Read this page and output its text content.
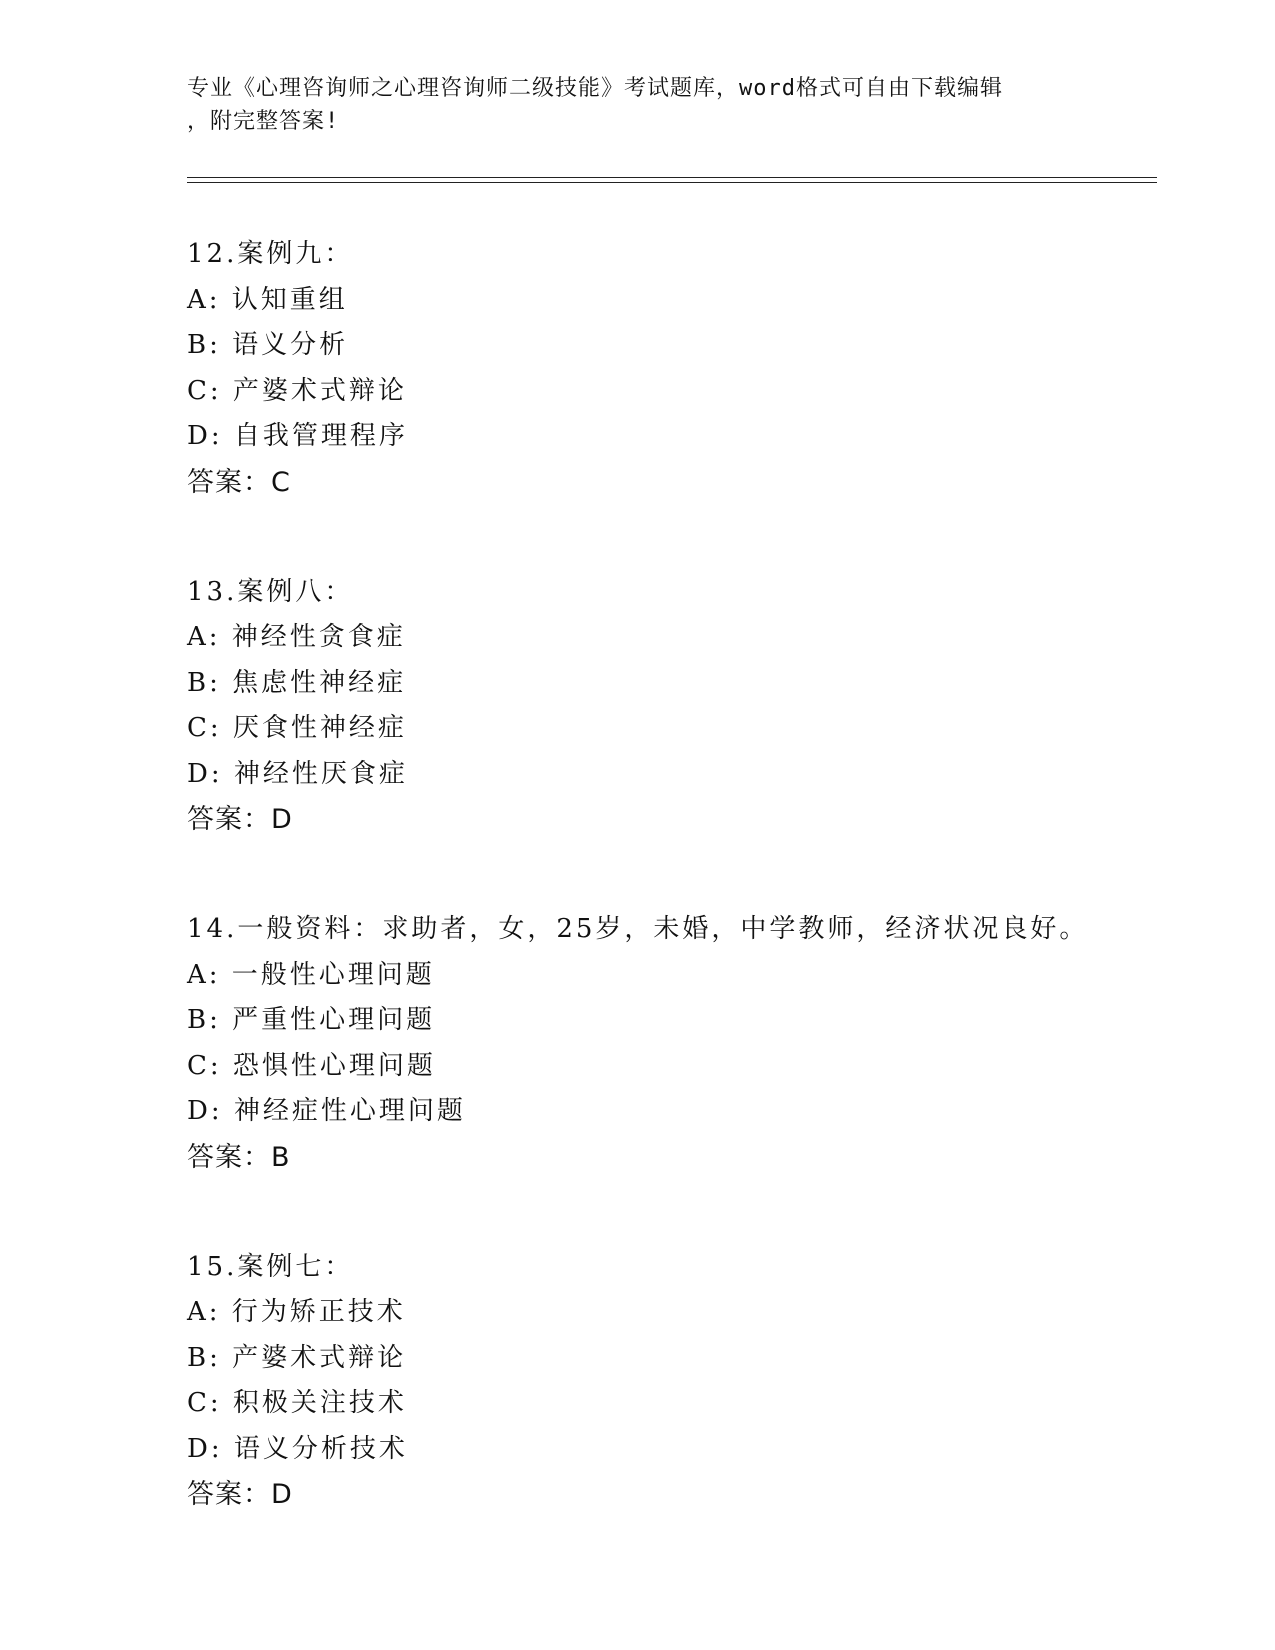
专业《心理咨询师之心理咨询师二级技能》考试题库，word格式可自由下载编辑
，附完整答案!
12.案例九：
A: 认知重组
B: 语义分析
C: 产婆术式辩论
D: 自我管理程序
答案：C
13.案例八：
A: 神经性贪食症
B: 焦虑性神经症
C: 厌食性神经症
D: 神经性厌食症
答案：D
14.一般资料：求助者，女，25岁，未婚，中学教师，经济状况良好。
A: 一般性心理问题
B: 严重性心理问题
C: 恐惧性心理问题
D: 神经症性心理问题
答案：B
15.案例七：
A: 行为矫正技术
B: 产婆术式辩论
C: 积极关注技术
D: 语义分析技术
答案：D
